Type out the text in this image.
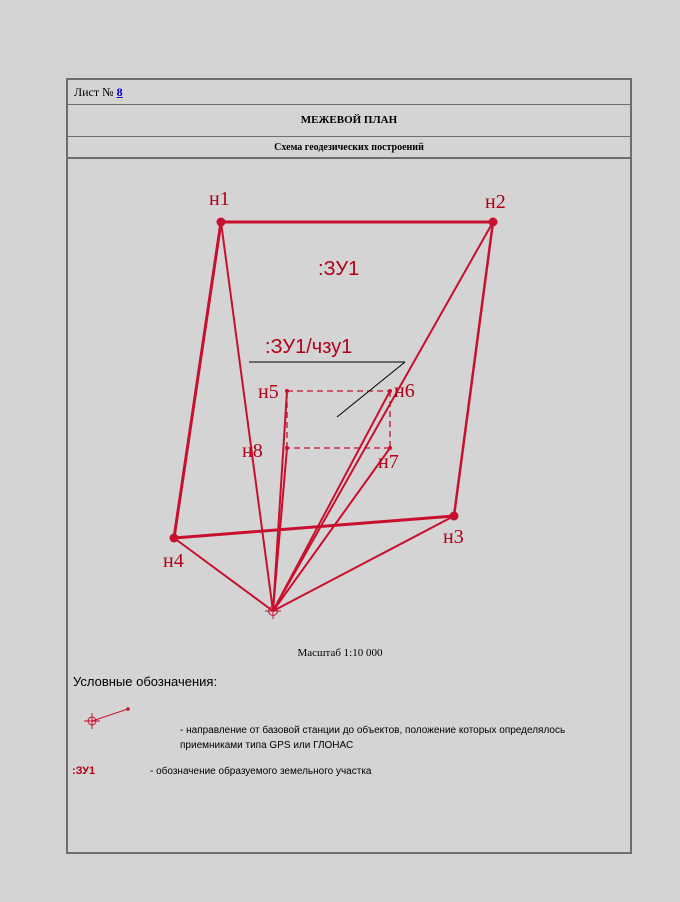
Лист № 8
МЕЖЕВОЙ ПЛАН
Схема геодезических построений
н1	н2
н3
н4
н5	н6
н7
н8
:ЗУ1
:ЗУ1/чзу1
Масштаб 1:10 000
Условные обозначения:
- направление от базовой станции до объектов, положение которых определялось приемниками типа GPS или ГЛОНАС
:ЗУ1	- обозначение образуемого земельного участка
